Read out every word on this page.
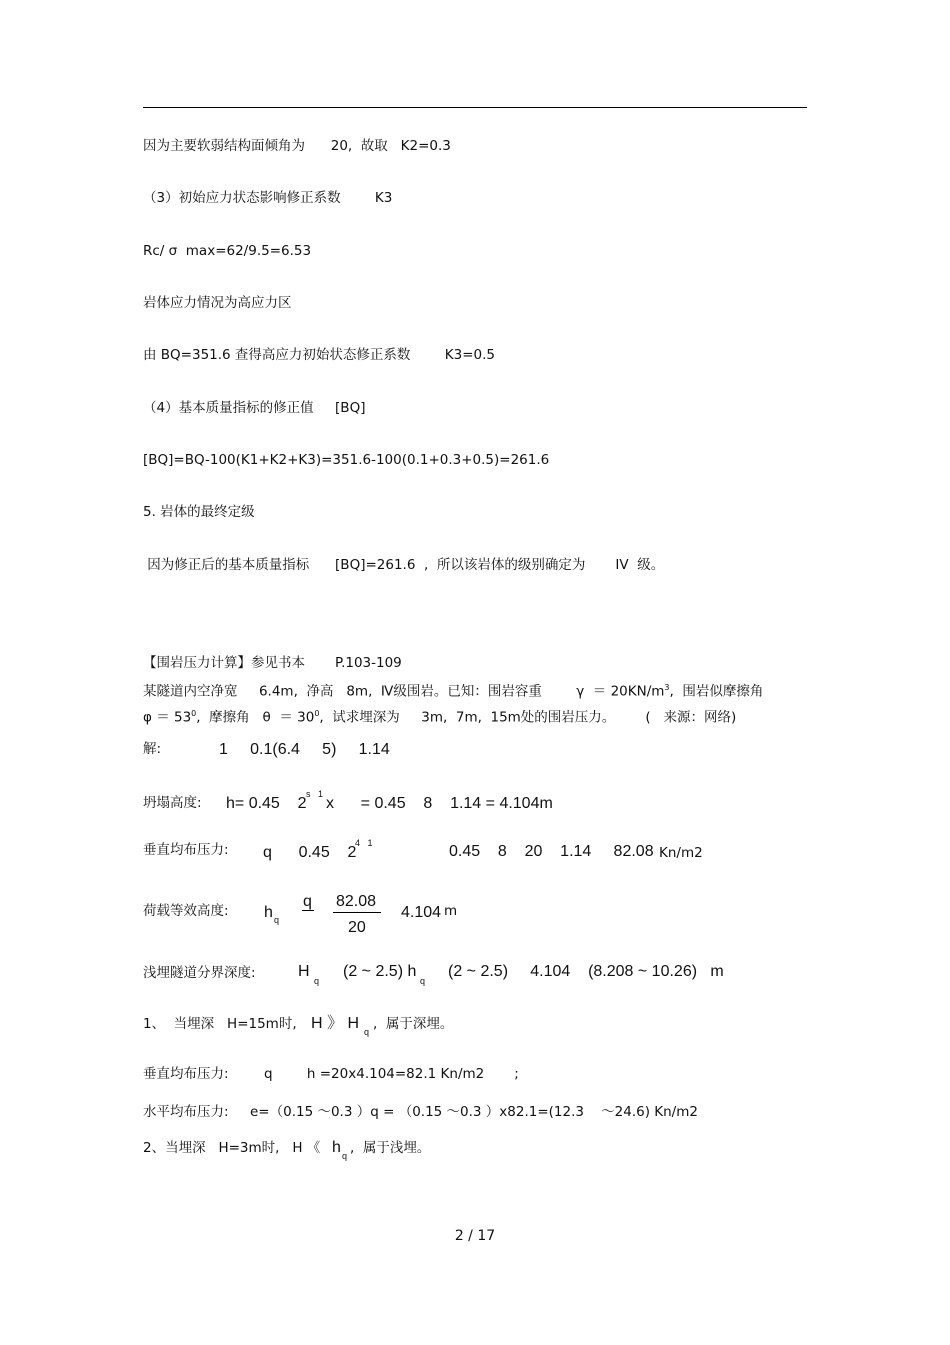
因为主要软弱结构面倾角为      20,  故取   K2=0.3
（3）初始应力状态影响修正系数        K3
Rc/ σ  max=62/9.5=6.53
岩体应力情况为高应力区
由 BQ=351.6 查得高应力初始状态修正系数        K3=0.5
（4）基本质量指标的修正值     [BQ]
[BQ]=BQ-100(K1+K2+K3)=351.6-100(0.1+0.3+0.5)=261.6
5. 岩体的最终定级
因为修正后的基本质量指标      [BQ]=261.6  ,  所以该岩体的级别确定为       IV  级。
【围岩压力计算】参见书本       P.103-109
某隧道内空净宽     6.4m,  净高   8m,  Ⅳ级围岩。已知：围岩容重        $\gamma = 20KN/m^3$,  围岩似摩擦角
$\varphi = 53^0$,  摩擦角   $\theta = 30^0$,  试求埋深为     3m,  7m,  15m处的围岩压力。       (   来源：网络)
解:	1     0.1(6.4     5)     1.14
坍塌高度: h= 0.45    2
s   1
x      = 0.45    8    1.14 = 4.104m
垂直均布压力: q      0.45    2
4   1	0.45    8    20    1.14     82.08 Kn/m2
荷载等效高度: h q
q 82.08
20
4.104 m
浅埋隧道分界深度:	H
q
(2 ~ 2.5) h
q
(2 ~ 2.5)     4.104    (8.208 ~ 10.26)   m
1、  当埋深   H=15m时, H 》 H q ,  属于深埋。
垂直均布压力:	q        h =20x4.104=82.1 Kn/m2       ;
水平均布压力:     e=（0.15 ～0.3 ）q = （0.15 ～0.3 ）x82.1=(12.3    ～24.6) Kn/m2
2、当埋深   H=3m时,   H 《 h q ,  属于浅埋。
2 / 17
